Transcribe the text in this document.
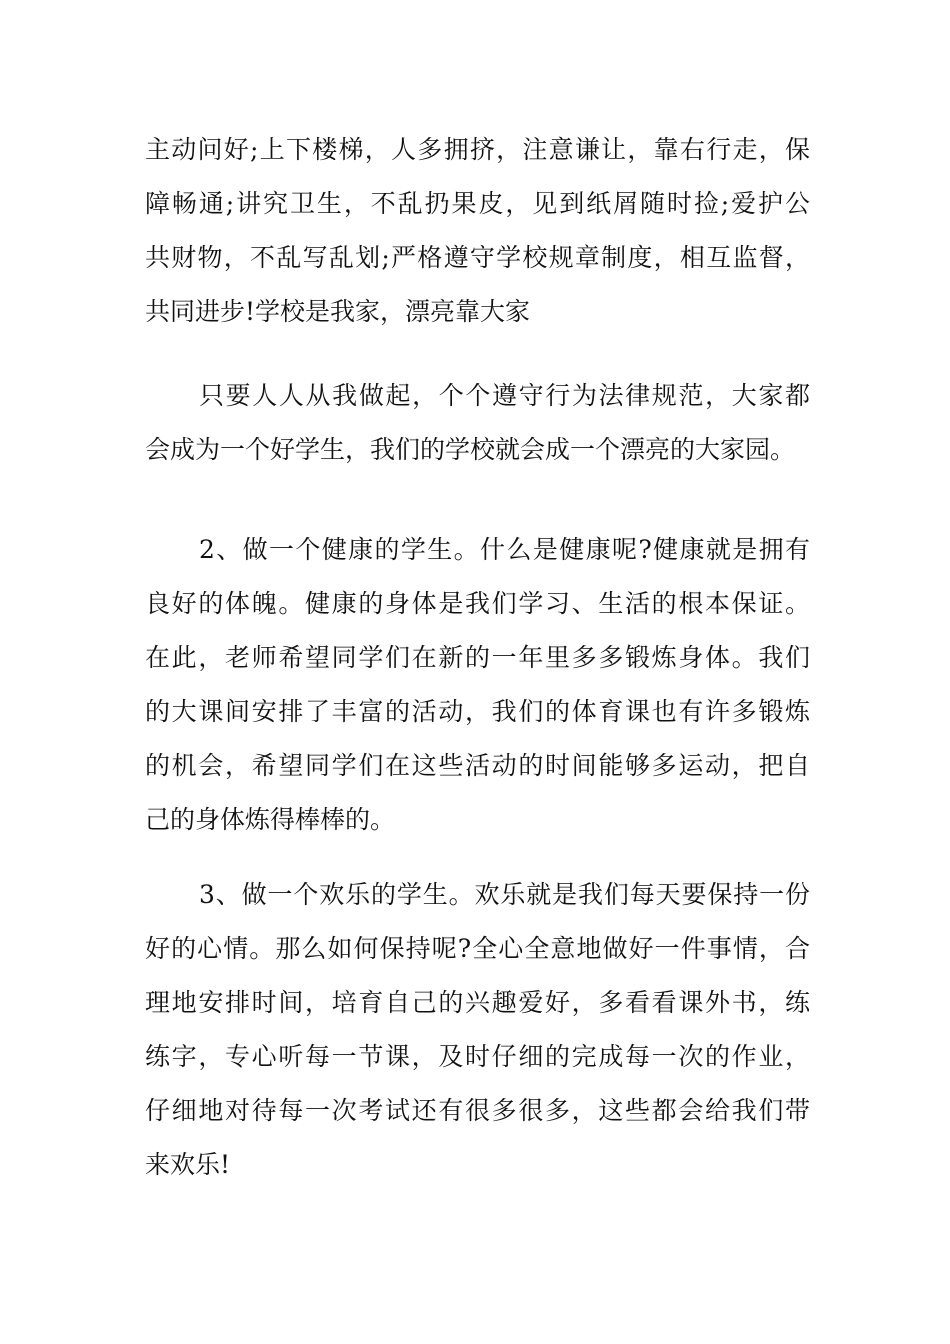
主动问好;上下楼梯，人多拥挤，注意谦让，靠右行走，保
障畅通;讲究卫生，不乱扔果皮，见到纸屑随时捡;爱护公
共财物，不乱写乱划;严格遵守学校规章制度，相互监督，
共同进步!学校是我家，漂亮靠大家
只要人人从我做起，个个遵守行为法律规范，大家都
会成为一个好学生，我们的学校就会成一个漂亮的大家园。
2、做一个健康的学生。什么是健康呢?健康就是拥有
良好的体魄。健康的身体是我们学习、生活的根本保证。
在此，老师希望同学们在新的一年里多多锻炼身体。我们
的大课间安排了丰富的活动，我们的体育课也有许多锻炼
的机会，希望同学们在这些活动的时间能够多运动，把自
己的身体炼得棒棒的。
3、做一个欢乐的学生。欢乐就是我们每天要保持一份
好的心情。那么如何保持呢?全心全意地做好一件事情，合
理地安排时间，培育自己的兴趣爱好，多看看课外书，练
练字，专心听每一节课，及时仔细的完成每一次的作业，
仔细地对待每一次考试还有很多很多，这些都会给我们带
来欢乐!
